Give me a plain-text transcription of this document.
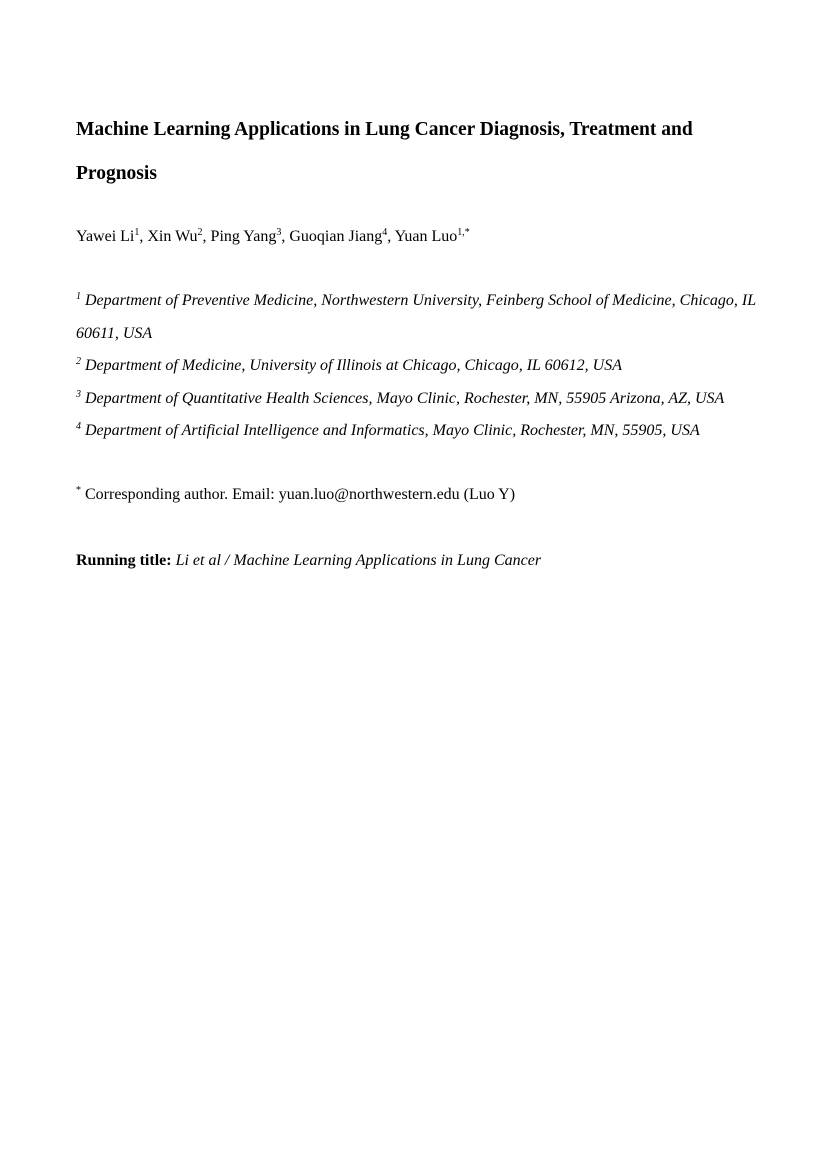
Machine Learning Applications in Lung Cancer Diagnosis, Treatment and Prognosis
Yawei Li$^1$, Xin Wu$^2$, Ping Yang$^3$, Guoqian Jiang$^4$, Yuan Luo$^{1,*}$
$^1$ Department of Preventive Medicine, Northwestern University, Feinberg School of Medicine, Chicago, IL 60611, USA
$^2$ Department of Medicine, University of Illinois at Chicago, Chicago, IL 60612, USA
$^3$ Department of Quantitative Health Sciences, Mayo Clinic, Rochester, MN, 55905 Arizona, AZ, USA
$^4$ Department of Artificial Intelligence and Informatics, Mayo Clinic, Rochester, MN, 55905, USA
* Corresponding author. Email: yuan.luo@northwestern.edu (Luo Y)
Running title: Li et al / Machine Learning Applications in Lung Cancer
